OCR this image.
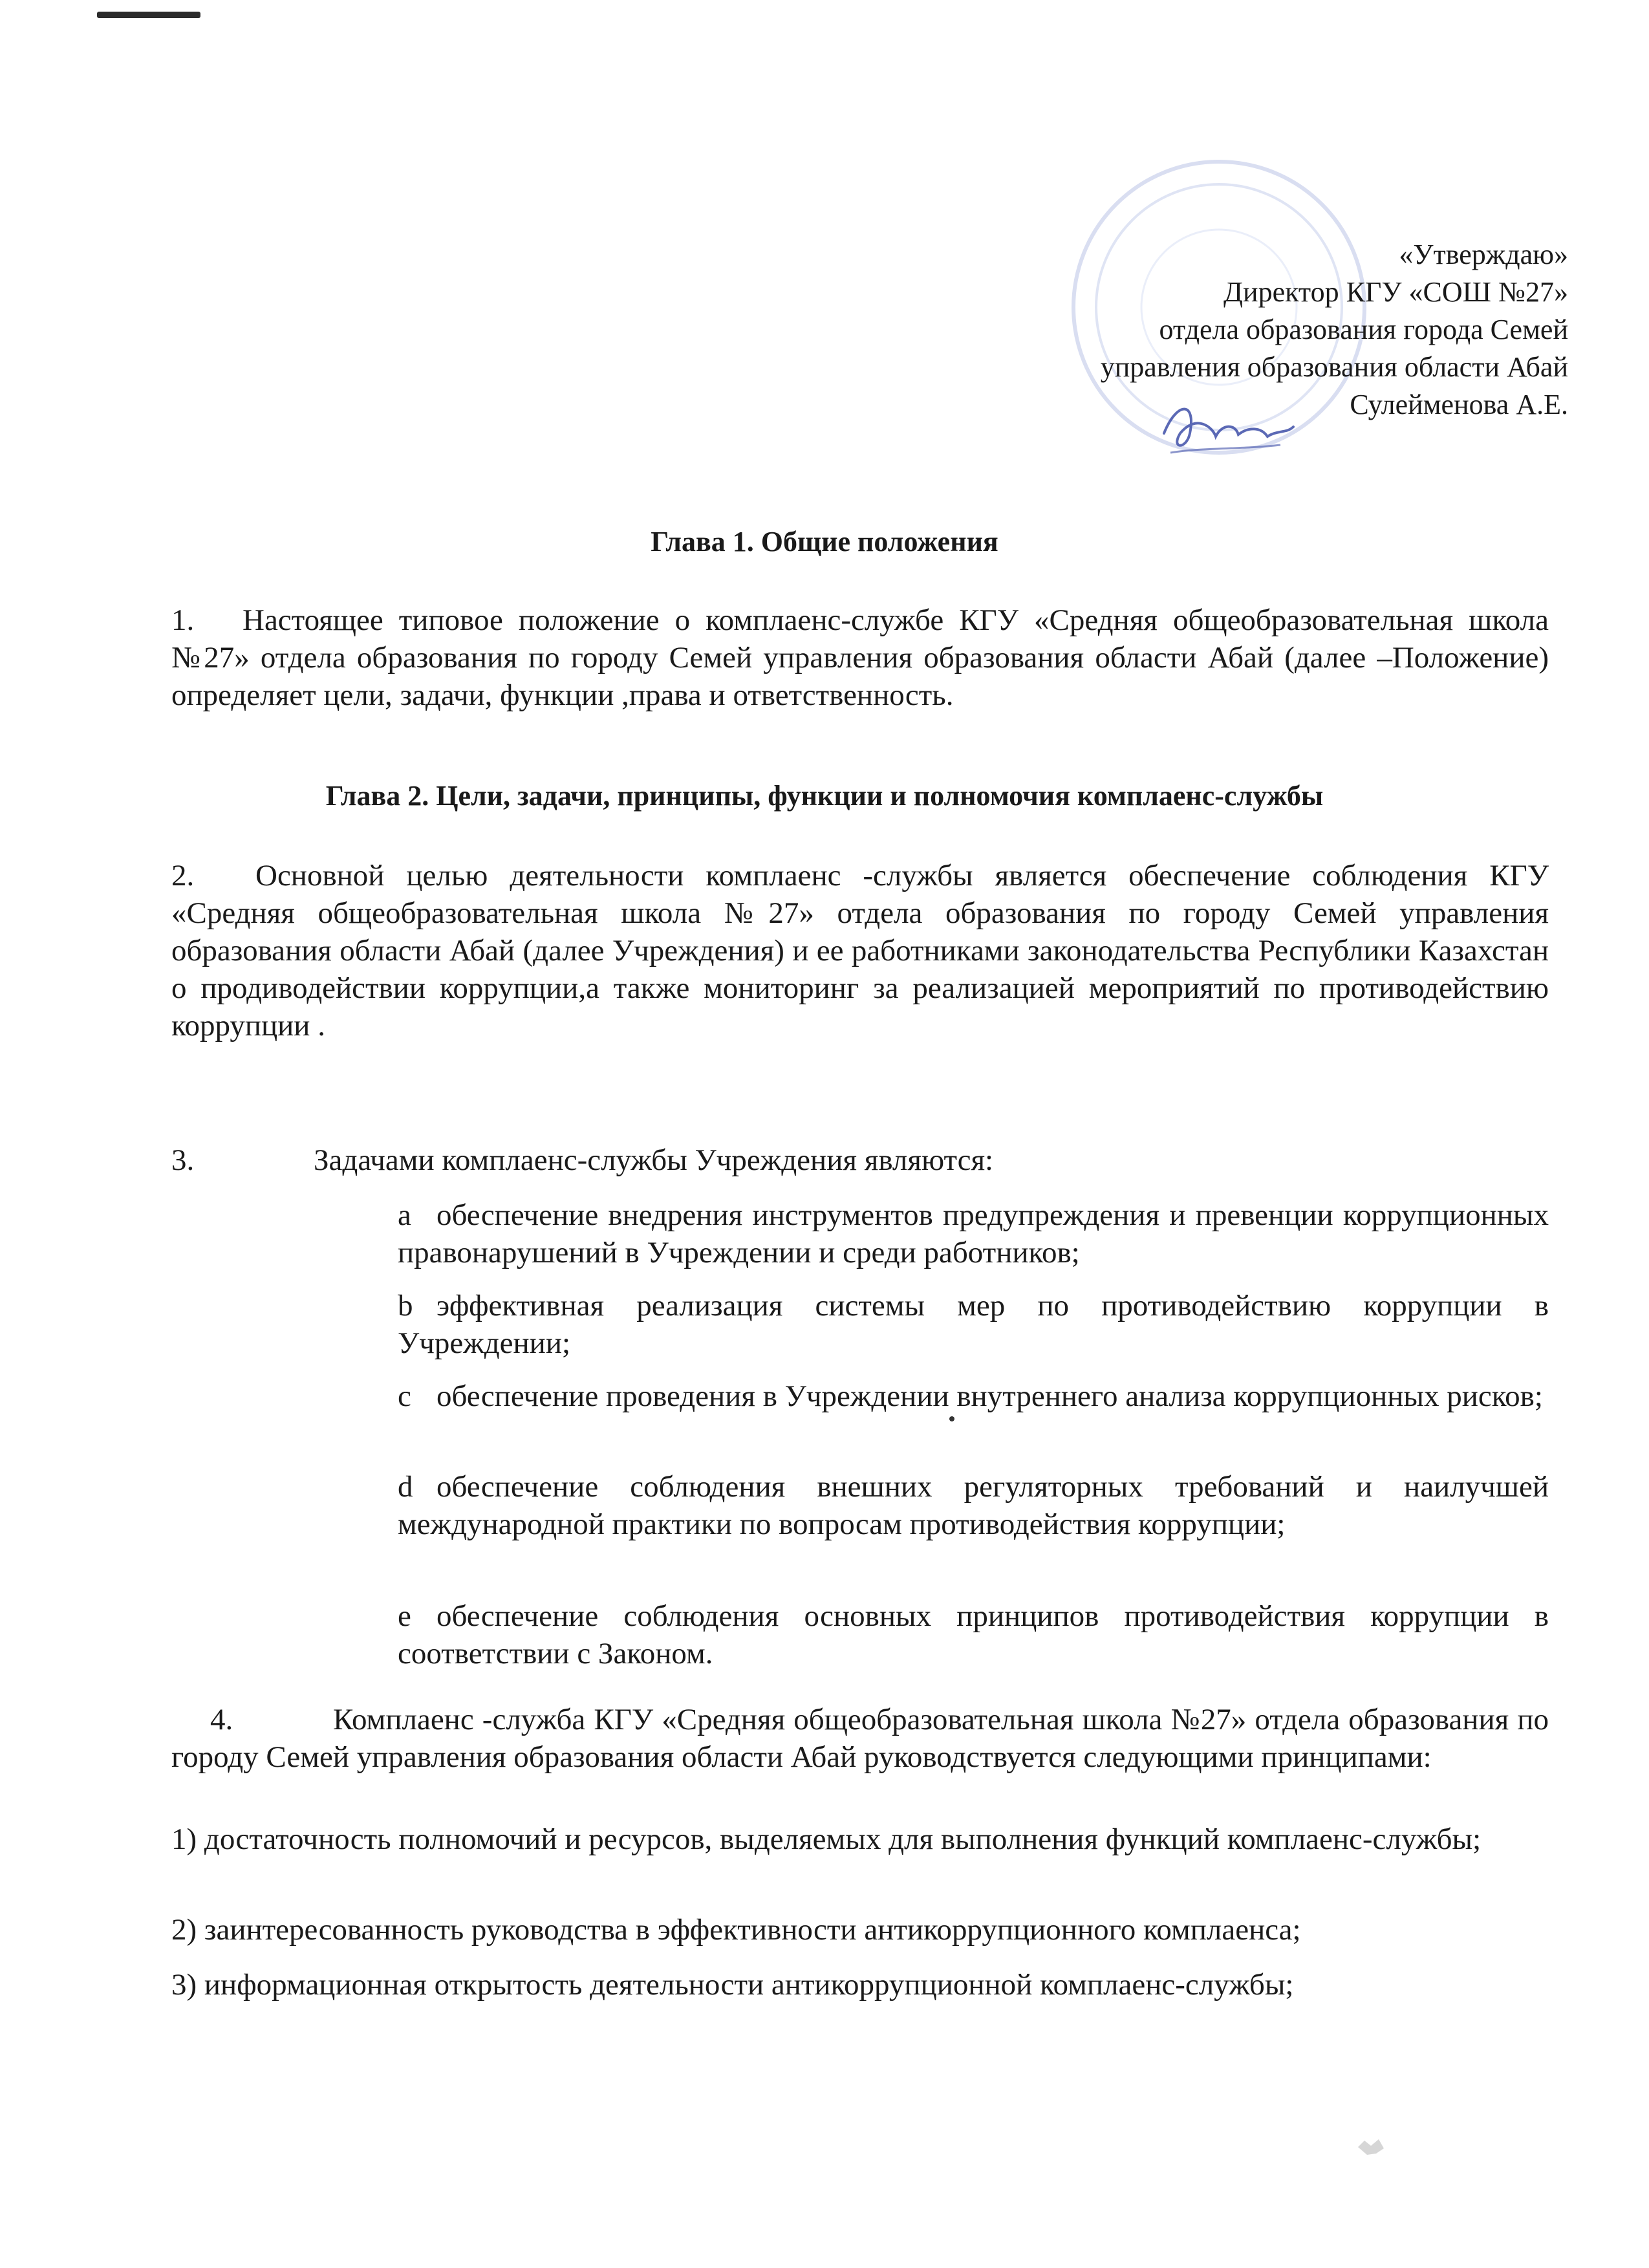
«Утверждаю»
Директор КГУ «СОШ №27»
отдела образования города Семей
управления образования области Абай
Сулейменова А.Е.
Глава 1. Общие положения
1. Настоящее типовое положение о комплаенс-службе КГУ «Средняя общеобразовательная школа №27» отдела образования по городу Семей управления образования области Абай (далее –Положение) определяет цели, задачи, функции ,права и ответственность.
Глава 2. Цели, задачи, принципы, функции и полномочия комплаенс-службы
2. Основной целью деятельности комплаенс -службы является обеспечение соблюдения КГУ «Средняя общеобразовательная школа №27» отдела образования по городу Семей управления образования области Абай (далее Учреждения) и ее работниками законодательства Республики Казахстан о продиводействии коррупции,а также мониторинг за реализацией мероприятий по противодействию коррупции .
3.	Задачами комплаенс-службы Учреждения являются:
a обеспечение внедрения инструментов предупреждения и превенции коррупционных правонарушений в Учреждении и среди работников;
b эффективная реализация системы мер по противодействию коррупции в Учреждении;
c обеспечение проведения в Учреждении внутреннего анализа коррупционных рисков;
d обеспечение соблюдения внешних регуляторных требований и наилучшей международной практики по вопросам противодействия коррупции;
e обеспечение соблюдения основных принципов противодействия коррупции в соответствии с Законом.
4.	Комплаенс -служба КГУ «Средняя общеобразовательная школа №27» отдела образования по городу Семей управления образования области Абай руководствуется следующими принципами:
1) достаточность полномочий и ресурсов, выделяемых для выполнения функций комплаенс-службы;
2) заинтересованность руководства в эффективности антикоррупционного комплаенса;
3) информационная открытость деятельности антикоррупционной комплаенс-службы;
